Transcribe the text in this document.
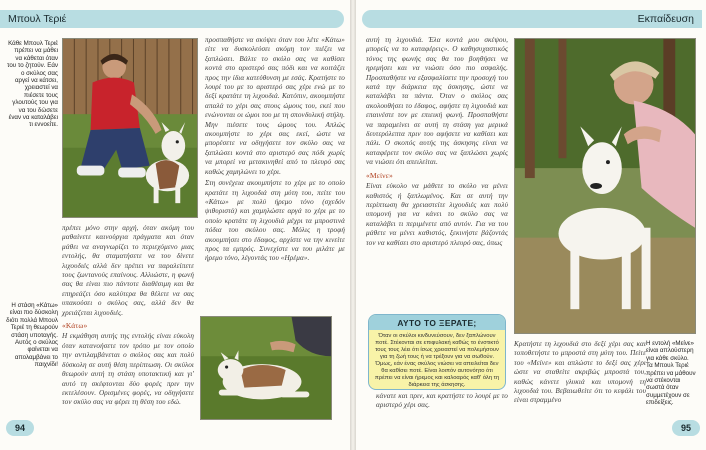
Μπουλ Τεριέ
Κάθε Μπουλ Τεριέ πρέπει να μάθει να κάθεται όταν του το ζητούν. Εάν ο σκύλος σας αργεί να κάτσει, χρειαστεί να πιέσετε τους γλουτούς του για να του δώσετε έναν να καταλάβει τι εννοείτε.

προσπαθήστε να σκύψει όταν του λέτε «Κάτω» είτε να δυσκολεύσει ακόμη τον πιέζει να ξαπλώσει. Βάλτε το σκύλο σας να καθίσει κοντά στο αριστερό σας πόδι και να κοιτάζει προς την ίδια κατεύθυνση με εσάς. Κρατήστε το λουρί του με το αριστερό σας χέρι ενώ με το δεξί κρατάτε τη λιχουδιά. Κατόπιν, ακουμπήστε απαλά το χέρι σας στους ώμους του, εκεί που ενώνονται οι ώμοι του με τη σπονδυλική στήλη. Μην πιέσετε τους ώμους του. Απλώς ακουμπήστε το χέρι σας εκεί, ώστε να μπορέσετε να οδηγήσετε τον σκύλο σας να ξαπλώσει κοντά στο αριστερό σας πόδι χωρίς να μπορεί να μετακινηθεί από το πλευρό σας καθώς χαμηλώνει το χέρι.

Στη συνέχεια ακουμπήστε το χέρι με το οποίο κρατάτε τη λιχουδιά στη μύτη του, πείτε του «Κάτω» με πολύ ήρεμο τόνο (σχεδόν ψιθυριστά) και χαμηλώστε αργά το χέρι με το οποίο κρατάτε τη λιχουδιά μέχρι τα μπροστινά πόδια του σκύλου σας. Μόλις η τροφή ακουμπήσει στο έδαφος, αρχίστε να την κινείτε προς τα εμπρός. Συνεχίστε να του μιλάτε με ήρεμο τόνο, λέγοντάς του «Ηρέμα».

Η στάση «Κάτω» είναι πιο δύσκολη διότι πολλά Μπουλ Τεριέ τη θεωρούν στάση υποταγής. Αυτός ο σκύλος φαίνεται να απολαμβάνει το παιχνίδι!

πρέπει μόνο στην αρχή, όταν ακόμη του μαθαίνετε καινούργια πράγματα και όταν μάθει να αναγνωρίζει το περιεχόμενο μιας εντολής, θα σταματήσετε να του δίνετε λιχουδιές αλλά δεν πρέπει να παραλείπετε τους ζωντανούς επαίνους. Αλλιώστε, η φωνή σας θα είναι πιο πάντοτε διαθέσιμη και θα επηρεάζει όσο καλύτερα θα θέλετε να σας υπακούσει ο σκύλος σας, αλλά δεν θα χρειάζεται λιχουδιές.

«Κάτω»

Η εκμάθηση αυτής της εντολής είναι εύκολη όταν κατανοήσετε τον τρόπο με τον οποίο την αντιλαμβάνεται ο σκύλος σας και πολύ δύσκολη σε αυτή θέση περίπτωση. Οι σκύλοι θεωρούν αυτή τη στάση υποτακτική και γι' αυτό τη σκέφτονται δύο φορές πριν την εκτελέσουν. Ορισμένες φορές, να οδηγήσετε τον σκύλο σας να φέρει τη θέση του εδώ.

94
Εκπαίδευση

αυτή τη λιχουδιά. Έλα κοντά μου σκέψου, μπορείς να το καταφέρεις». Ο καθησυχαστικός τόνος της φωνής σας θα του βοηθήσει να ηρεμήσει και να νιώσει όσο πιο ασφαλής. Προσπαθήστε να εξασφαλίσετε την προσοχή του κατά την διάρκεια της άσκησης, ώστε να καταλάβει τα πάντα. Όταν ο σκύλος σας ακολουθήσει το έδαφος, αφήστε τη λιχουδιά και επαινέστε τον με επιεική φωνή. Προσπαθήστε να παραμείνει σε αυτή τη στάση για μερικά δευτερόλεπτα πριν του αφήσετε να καθίσει και πάλι. Ο σκοπός αυτής της άσκησης είναι να καταφέρετε τον σκύλο σας να ξαπλώσει χωρίς να νιώσει ότι απειλείται.

«Μείνε»

Είναι εύκολο να μάθετε το σκύλο να μένει καθιστός ή ξαπλωμένος. Και σε αυτή την περίπτωση θα χρειαστείτε λιχουδιές και πολύ υπομονή για να κάνει το σκύλο σας να καταλάβει τι περιμένετε από αυτόν. Για να του μάθετε να μένει καθιστός, ξεκινήστε βάζοντάς τον να καθίσει στο αριστερό πλευρό σας, όπως

ΑΥΤΟ ΤΟ ΞΕΡΑΤΕ;
Όταν οι σκύλοι κινδυνεύσουν, δεν ξαπλώνουν ποτέ. Στέκονται σε επιφυλακή καθώς το ένστικτό τους τους λέει ότι ίσως χρειαστεί να πολεμήσουν για τη ζωή τους ή να τρέξουν για να σωθούν. Όμως, εάν ένας σκύλος νιώσει να απειλείται δεν θα καθίσει ποτέ. Είναι λοιπόν αυτονόητο ότι πρέπει να είναι ήρεμος και καλοαρός καθ' όλη τη διάρκεια της άσκησης.

κάνατε και πριν, και κρατήστε το λουρί με το αριστερό χέρι σας.

Κρατήστε τη λιχουδιά στο δεξί χέρι σας και τοποθετήστε το μπροστά στη μύτη του. Πείτε του «Μείνε» και απλώστε το δεξί σας χέρι ώστε να σταθείτε ακριβώς μπροστά του, καθώς κάνετε γλυκιά και υπομονή τη λιχουδιά του. Βεβαιωθείτε ότι το κεφάλι του είναι στραμμένο

Η εντολή «Μείνε» είναι απλούστερη για κάθε σκύλο. Τα Μπουλ Τεριέ πρέπει να μάθουν να στέκονται σωστά όταν συμμετέχουν σε επιδείξεις.
95
